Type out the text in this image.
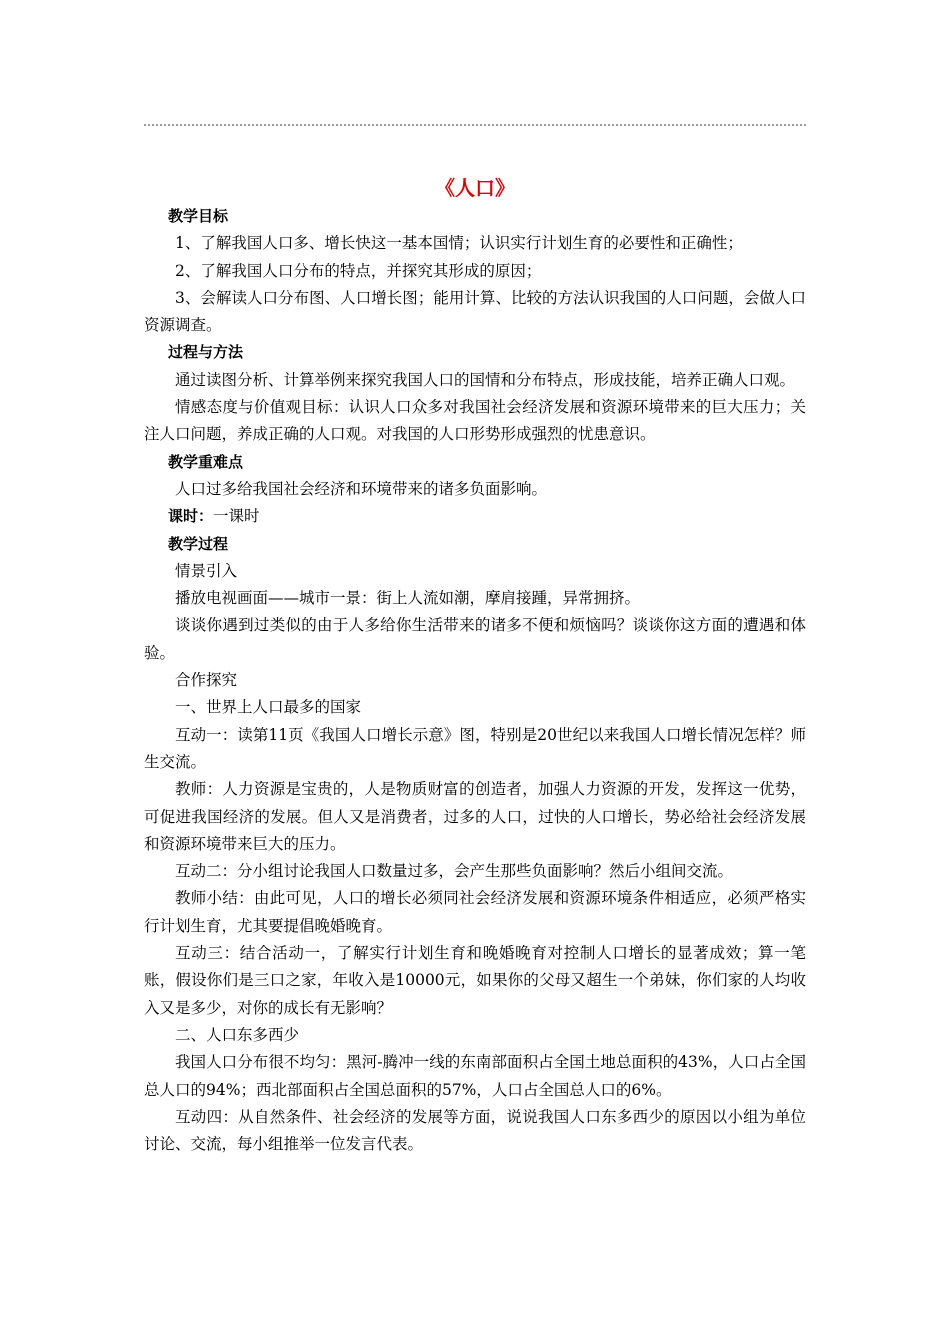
《人口》
教学目标

1、了解我国人口多、增长快这一基本国情；认识实行计划生育的必要性和正确性；

2、了解我国人口分布的特点，并探究其形成的原因；

3、会解读人口分布图、人口增长图；能用计算、比较的方法认识我国的人口问题，会做人口资源调查。

过程与方法

通过读图分析、计算举例来探究我国人口的国情和分布特点，形成技能，培养正确人口观。

情感态度与价值观目标：认识人口众多对我国社会经济发展和资源环境带来的巨大压力；关注人口问题，养成正确的人口观。对我国的人口形势形成强烈的忧患意识。

教学重难点

人口过多给我国社会经济和环境带来的诸多负面影响。

课时：一课时
教学过程

情景引入

播放电视画面——城市一景：街上人流如潮，摩肩接踵，异常拥挤。

谈谈你遇到过类似的由于人多给你生活带来的诸多不便和烦恼吗？谈谈你这方面的遭遇和体验。

合作探究

一、世界上人口最多的国家

互动一：读第11页《我国人口增长示意》图，特别是20世纪以来我国人口增长情况怎样？师生交流。

教师：人力资源是宝贵的，人是物质财富的创造者，加强人力资源的开发，发挥这一优势，可促进我国经济的发展。但人又是消费者，过多的人口，过快的人口增长，势必给社会经济发展和资源环境带来巨大的压力。

互动二：分小组讨论我国人口数量过多，会产生那些负面影响？然后小组间交流。

教师小结：由此可见，人口的增长必须同社会经济发展和资源环境条件相适应，必须严格实行计划生育，尤其要提倡晚婚晚育。

互动三：结合活动一，了解实行计划生育和晚婚晚育对控制人口增长的显著成效；算一笔账，假设你们是三口之家，年收入是10000元，如果你的父母又超生一个弟妹，你们家的人均收入又是多少，对你的成长有无影响？

二、人口东多西少

我国人口分布很不均匀：黑河-腾冲一线的东南部面积占全国土地总面积的43%，人口占全国总人口的94%；西北部面积占全国总面积的57%，人口占全国总人口的6%。

互动四：从自然条件、社会经济的发展等方面，说说我国人口东多西少的原因以小组为单位讨论、交流，每小组推举一位发言代表。
